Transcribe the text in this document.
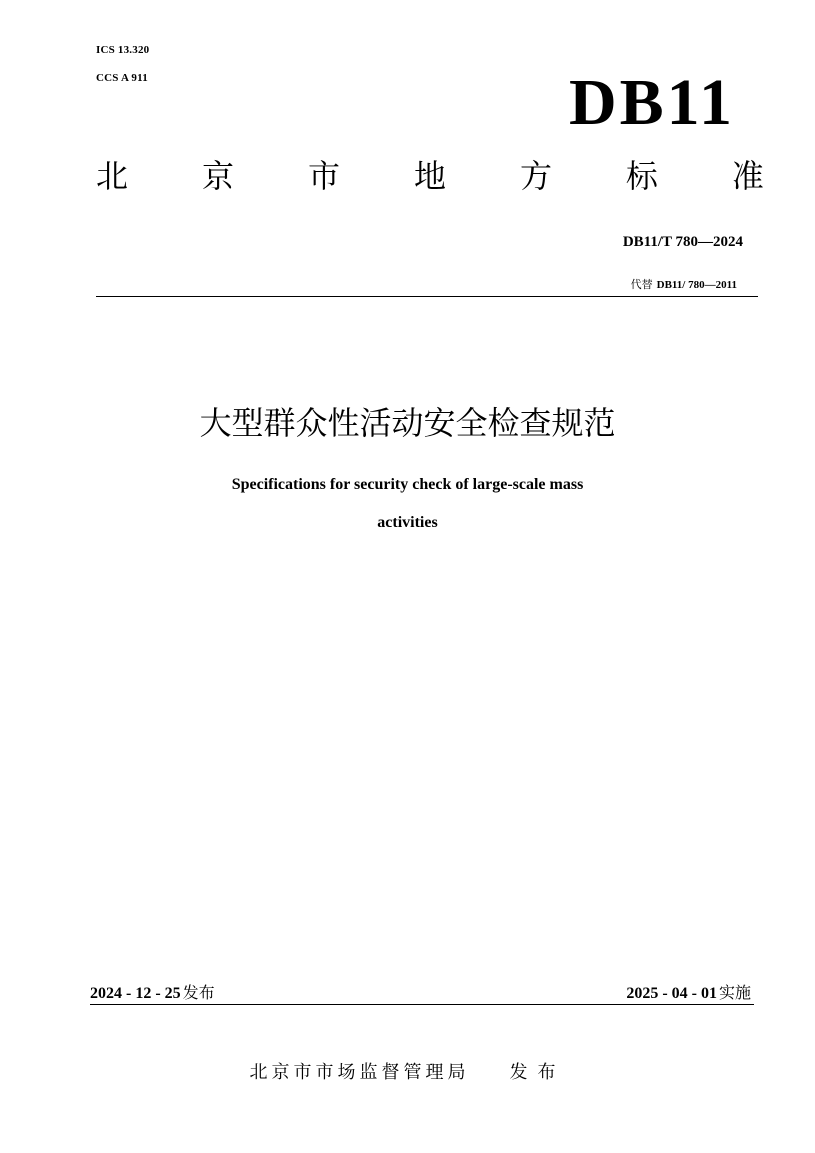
ICS 13.320
CCS A 911	DB11
北 京 市 地 方 标 准
DB11/T 780—2024
代替 DB11/ 780—2011
大型群众性活动安全检查规范
Specifications for security check of large-scale mass
activities
2024 - 12 - 25 发布	2025 - 04 - 01 实施
北京市市场监督管理局 发布
